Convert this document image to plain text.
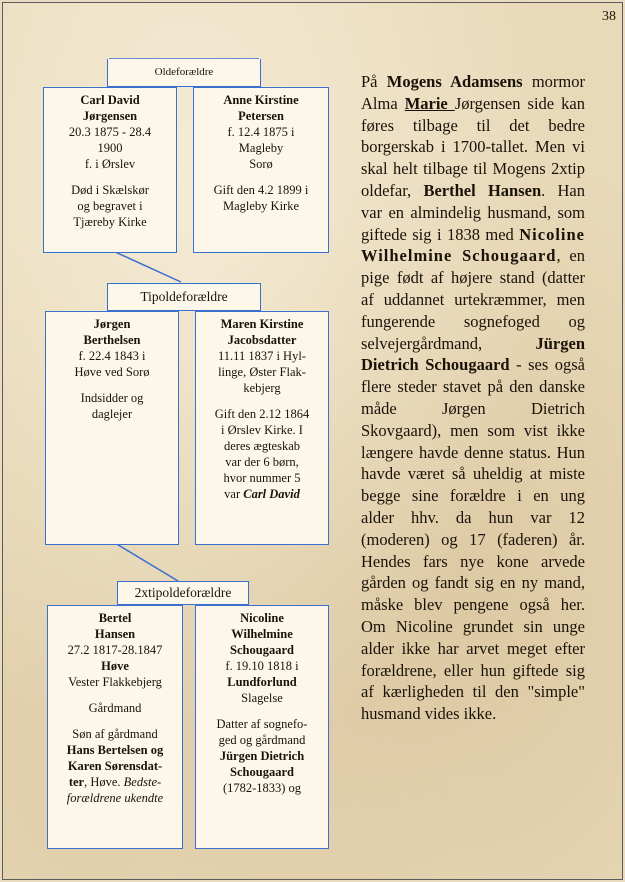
38
Oldeforældre
Carl David
Jørgensen
20.3 1875 - 28.4
1900
f. i Ørslev
Død i Skælskør
og begravet i
Tjæreby Kirke
Anne Kirstine
Petersen
f. 12.4 1875 i
Magleby
Sorø
Gift den 4.2 1899 i
Magleby Kirke
Tipoldeforældre
Jørgen
Berthelsen
f. 22.4 1843 i
Høve ved Sorø
Indsidder og
daglejer
Maren Kirstine
Jacobsdatter
11.11 1837 i Hyl-
linge, Øster Flak-
kebjerg
Gift den 2.12 1864
i Ørslev Kirke. I
deres ægteskab
var der 6 børn,
hvor nummer 5
var Carl David
2xtipoldeforældre
Bertel
Hansen
27.2 1817-28.1847
Høve
Vester Flakkebjerg
Gårdmand
Søn af gårdmand
Hans Bertelsen og
Karen Sørensdat-
ter, Høve. Bedste-
forældrene ukendte
Nicoline
Wilhelmine
Schougaard
f. 19.10 1818 i
Lundforlund
Slagelse
Datter af sognefo-
ged og gårdmand
Jürgen Dietrich
Schougaard
(1782-1833) og
På Mogens Adamsens mormor Alma Marie Jørgensen side kan føres tilbage til det bedre borgerskab i 1700-tallet. Men vi skal helt tilbage til Mogens 2xtip oldefar, Berthel Hansen. Han var en almindelig husmand, som giftede sig i 1838 med Nicoline Wilhelmine Schougaard, en pige født af højere stand (datter af uddannet urtekræmmer, men fungerende sognefoged og selvejergårdmand, Jürgen Dietrich Schougaard - ses også flere steder stavet på den danske måde Jørgen Dietrich Skovgaard), men som vist ikke længere havde denne status. Hun havde været så uheldig at miste begge sine forældre i en ung alder hhv. da hun var 12 (moderen) og 17 (faderen) år. Hendes fars nye kone arvede gården og fandt sig en ny mand, måske blev pengene også her. Om Nicoline grundet sin unge alder ikke har arvet meget efter forældrene, eller hun giftede sig af kærligheden til den "simple" husmand vides ikke.
